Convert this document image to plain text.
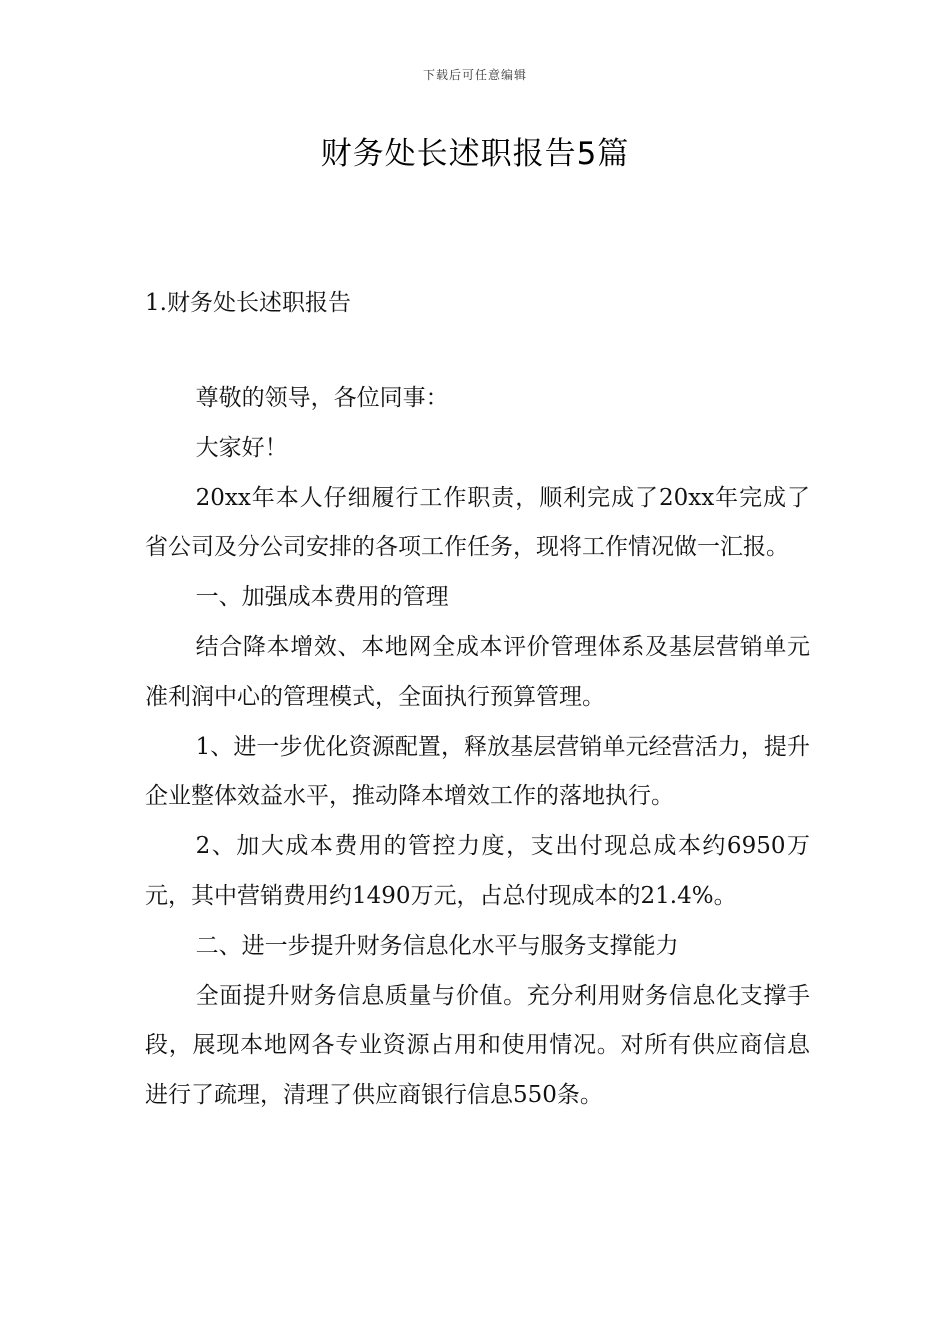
下载后可任意编辑
财务处长述职报告5篇
1.财务处长述职报告

尊敬的领导，各位同事：

大家好！

20xx年本人仔细履行工作职责，顺利完成了20xx年完成了省公司及分公司安排的各项工作任务，现将工作情况做一汇报。

一、加强成本费用的管理

结合降本增效、本地网全成本评价管理体系及基层营销单元准利润中心的管理模式，全面执行预算管理。

1、进一步优化资源配置，释放基层营销单元经营活力，提升企业整体效益水平，推动降本增效工作的落地执行。

2、加大成本费用的管控力度，支出付现总成本约6950万元，其中营销费用约1490万元，占总付现成本的21.4%。

二、进一步提升财务信息化水平与服务支撑能力

全面提升财务信息质量与价值。充分利用财务信息化支撑手段，展现本地网各专业资源占用和使用情况。对所有供应商信息进行了疏理，清理了供应商银行信息550条。
